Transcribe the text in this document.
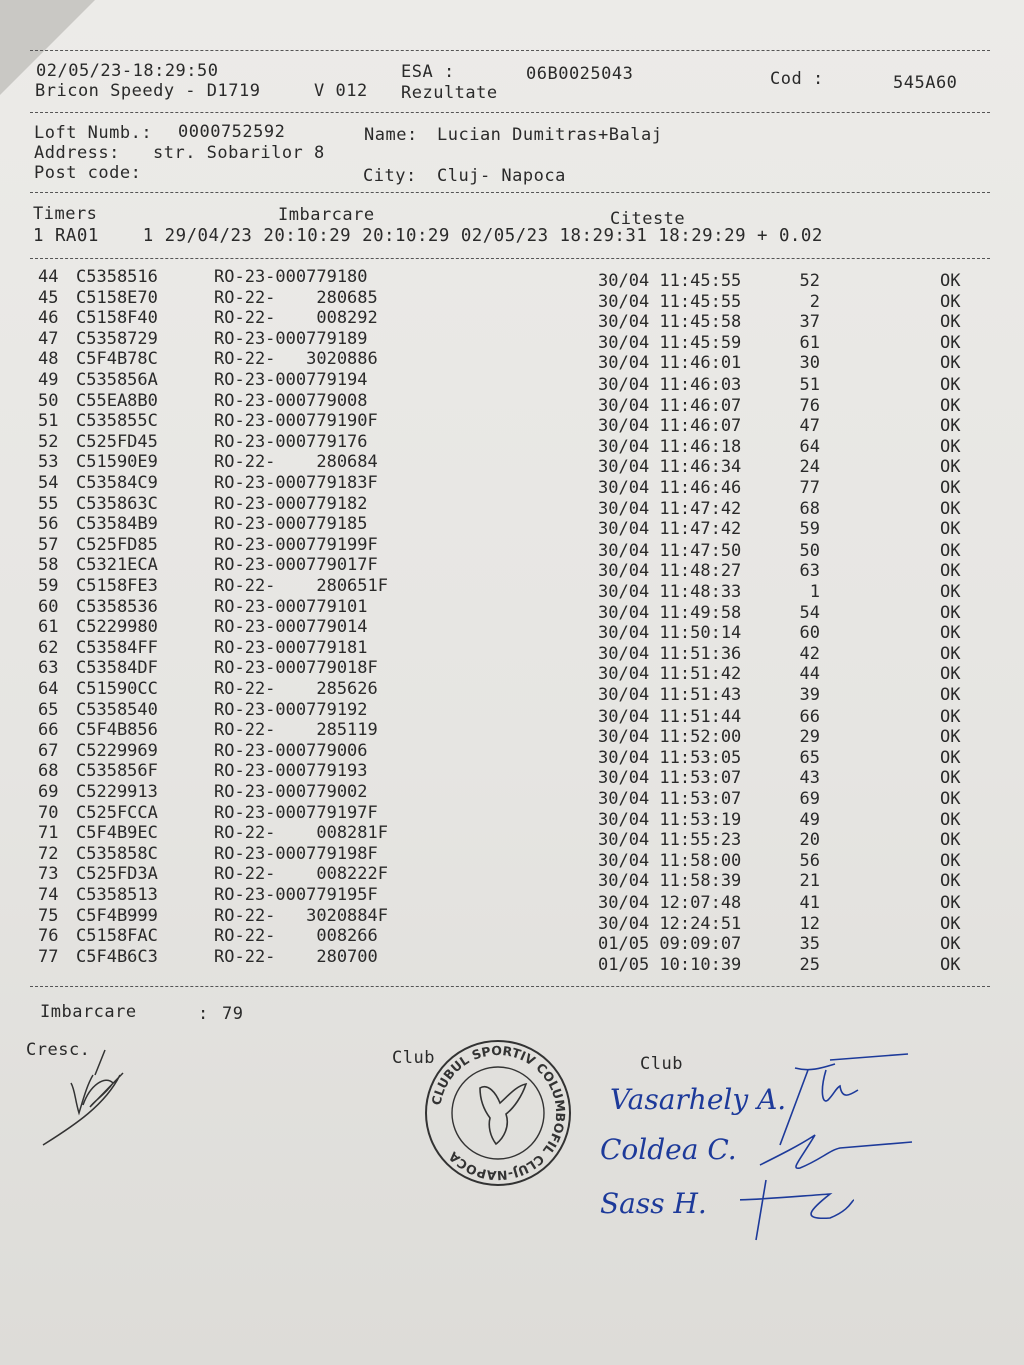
02/05/23-18:29:50	ESA :	06B0025043	Cod :	545A60
Bricon Speedy - D1719	V 012 Rezultate
Loft Numb.: 0000752592	Name: Lucian Dumitras+Balaj
Address: str. Sobarilor 8
Post code:	City: Cluj- Napoca
Timers	Imbarcare	Citeste
1 RA01    1 29/04/23 20:10:29 20:10:29 02/05/23 18:29:31 18:29:29 + 0.02
44 C5358516	RO-23-000779180	30/04 11:45:55	52	OK
45 C5158E70	RO-22-    280685	30/04 11:45:55	2	OK
46 C5158F40	RO-22-    008292	30/04 11:45:58	37	OK
47 C5358729	RO-23-000779189	30/04 11:45:59	61	OK
48 C5F4B78C	RO-22-   3020886	30/04 11:46:01	30	OK
49 C535856A	RO-23-000779194	30/04 11:46:03	51	OK
50 C55EA8B0	RO-23-000779008	30/04 11:46:07	76	OK
51 C535855C	RO-23-000779190F	30/04 11:46:07	47	OK
52 C525FD45	RO-23-000779176	30/04 11:46:18	64	OK
53 C51590E9	RO-22-    280684	30/04 11:46:34	24	OK
54 C53584C9	RO-23-000779183F	30/04 11:46:46	77	OK
55 C535863C	RO-23-000779182	30/04 11:47:42	68	OK
56 C53584B9	RO-23-000779185	30/04 11:47:42	59	OK
57 C525FD85	RO-23-000779199F	30/04 11:47:50	50	OK
58 C5321ECA	RO-23-000779017F	30/04 11:48:27	63	OK
59 C5158FE3	RO-22-    280651F	30/04 11:48:33	1	OK
60 C5358536	RO-23-000779101	30/04 11:49:58	54	OK
61 C5229980	RO-23-000779014	30/04 11:50:14	60	OK
62 C53584FF	RO-23-000779181	30/04 11:51:36	42	OK
63 C53584DF	RO-23-000779018F	30/04 11:51:42	44	OK
64 C51590CC	RO-22-    285626	30/04 11:51:43	39	OK
65 C5358540	RO-23-000779192	30/04 11:51:44	66	OK
66 C5F4B856	RO-22-    285119	30/04 11:52:00	29	OK
67 C5229969	RO-23-000779006	30/04 11:53:05	65	OK
68 C535856F	RO-23-000779193	30/04 11:53:07	43	OK
69 C5229913	RO-23-000779002	30/04 11:53:07	69	OK
70 C525FCCA	RO-23-000779197F	30/04 11:53:19	49	OK
71 C5F4B9EC	RO-22-    008281F	30/04 11:55:23	20	OK
72 C535858C	RO-23-000779198F	30/04 11:58:00	56	OK
73 C525FD3A	RO-22-    008222F	30/04 11:58:39	21	OK
74 C5358513	RO-23-000779195F	30/04 12:07:48	41	OK
75 C5F4B999	RO-22-   3020884F	30/04 12:24:51	12	OK
76 C5158FAC	RO-22-    008266	01/05 09:09:07	35	OK
77 C5F4B6C3	RO-22-    280700	01/05 10:10:39	25	OK
Imbarcare	: 79
Cresc.	Club	Club
CLUBUL SPORTIV COLUMBOFIL CLUJ-NAPOCA
Vasarhely A.
Coldea C.
Sass H.
